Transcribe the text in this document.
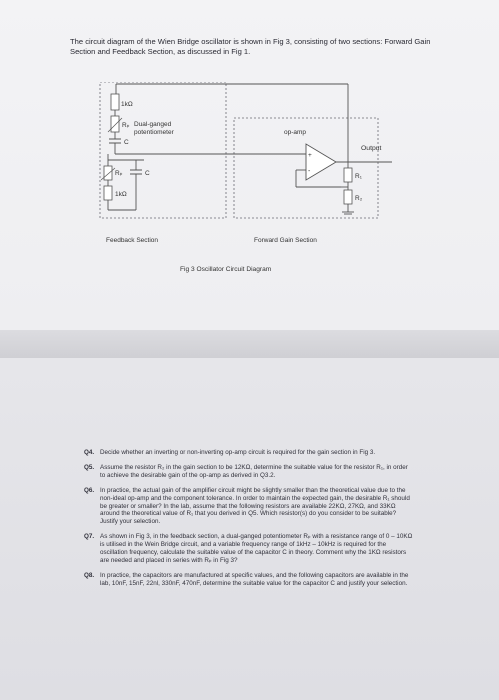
The circuit diagram of the Wien Bridge oscillator is shown in Fig 3, consisting of two sections: Forward Gain Section and Feedback Section, as discussed in Fig 1.
1kΩ
Rₚ Dual-ganged
potentiometer
C
Rₚ	C
1kΩ
op-amp
+
-
Output
R₁
R₂
Feedback Section	Forward Gain Section
Fig 3 Oscillator Circuit Diagram
Q4. Decide whether an inverting or non-inverting op-amp circuit is required for the gain section in Fig 3.
Q5. Assume the resistor R₂ in the gain section to be 12KΩ, determine the suitable value for the resistor R₁, in order to achieve the desirable gain of the op-amp as derived in Q3.2.
Q6. In practice, the actual gain of the amplifier circuit might be slightly smaller than the theoretical value due to the non-ideal op-amp and the component tolerance. In order to maintain the expected gain, the desirable R₁ should be greater or smaller? In the lab, assume that the following resistors are available 22KΩ, 27KΩ, and 33KΩ around the theoretical value of R₁ that you derived in Q5. Which resistor(s) do you consider to be suitable? Justify your selection.
Q7. As shown in Fig 3, in the feedback section, a dual-ganged potentiometer Rₚ with a resistance range of 0 – 10KΩ is utilised in the Wein Bridge circuit, and a variable frequency range of 1kHz – 10kHz is required for the oscillation frequency, calculate the suitable value of the capacitor C in theory. Comment why the 1KΩ resistors are needed and placed in series with Rₚ in Fig 3?
Q8. In practice, the capacitors are manufactured at specific values, and the following capacitors are available in the lab, 10nF, 15nF, 22nl, 330nF, 470nF, determine the suitable value for the capacitor C and justify your selection.
